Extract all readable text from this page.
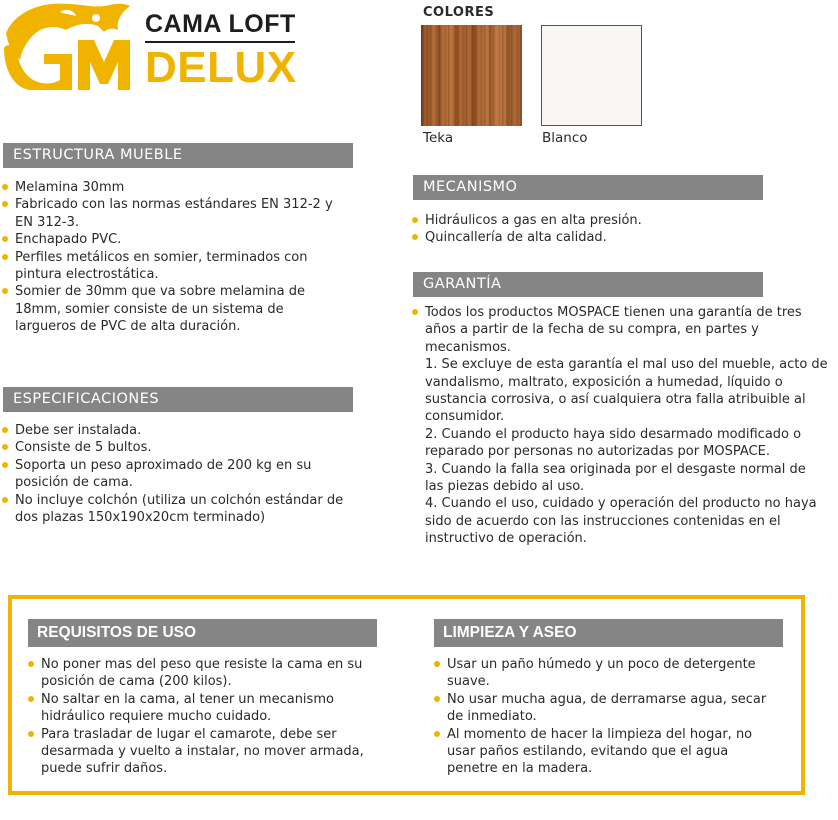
CAMA LOFT
DELUX
COLORES
Teka	Blanco
ESTRUCTURA MUEBLE
Melamina 30mm
Fabricado con las normas estándares EN 312-2 y EN 312-3.
Enchapado PVC.
Perfiles metálicos en somier, terminados con pintura electrostática.
Somier de 30mm que va sobre melamina de 18mm, somier consiste de un sistema de largueros de PVC de alta duración.
ESPECIFICACIONES
Debe ser instalada.
Consiste de 5 bultos.
Soporta un peso aproximado de 200 kg en su posición de cama.
No incluye colchón (utiliza un colchón estándar de dos plazas 150x190x20cm terminado)
MECANISMO
Hidráulicos a gas en alta presión.
Quincallería de alta calidad.
GARANTÍA
Todos los productos MOSPACE tienen una garantía de tres años a partir de la fecha de su compra, en partes y mecanismos.

1. Se excluye de esta garantía el mal uso del mueble, acto de vandalismo, maltrato, exposición a humedad, líquido o sustancia corrosiva, o así cualquiera otra falla atribuible al consumidor.

2. Cuando el producto haya sido desarmado modificado o reparado por personas no autorizadas por MOSPACE.

3. Cuando la falla sea originada por el desgaste normal de las piezas debido al uso.

4. Cuando el uso, cuidado y operación del producto no haya sido de acuerdo con las instrucciones contenidas en el instructivo de operación.

REQUISITOS DE USO
No poner mas del peso que resiste la cama en su posición de cama (200 kilos).
No saltar en la cama, al tener un mecanismo hidráulico requiere mucho cuidado.
Para trasladar de lugar el camarote, debe ser desarmada y vuelto a instalar, no mover armada, puede sufrir daños.
LIMPIEZA Y ASEO
Usar un paño húmedo y un poco de detergente suave.
No usar mucha agua, de derramarse agua, secar de inmediato.
Al momento de hacer la limpieza del hogar, no usar paños estilando, evitando que el agua penetre en la madera.
